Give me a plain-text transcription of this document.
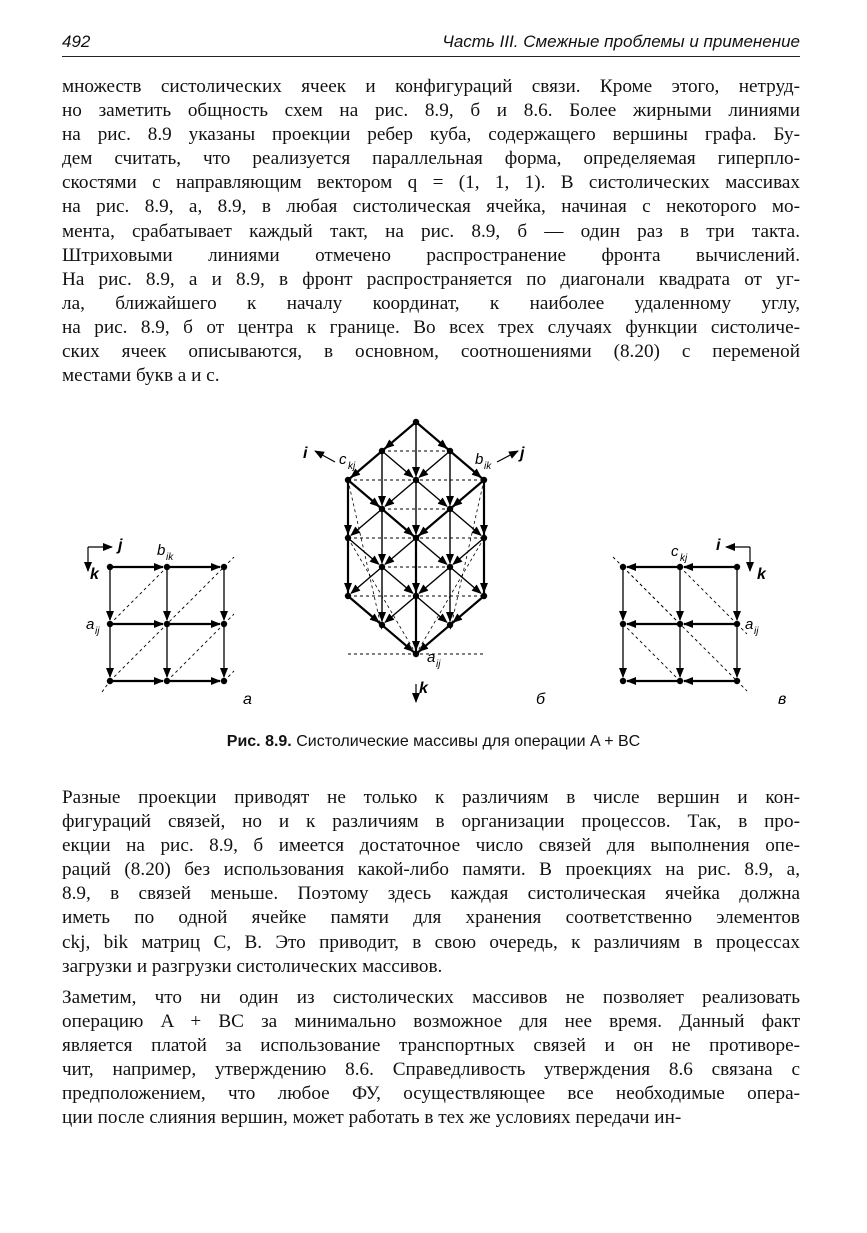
492	Часть III. Смежные проблемы и применение
множеств систолических ячеек и конфигураций связи. Кроме этого, нетруд-
но заметить общность схем на рис. 8.9, б и 8.6. Более жирными линиями
на рис. 8.9 указаны проекции ребер куба, содержащего вершины графа. Бу-
дем считать, что реализуется параллельная форма, определяемая гиперпло-
скостями с направляющим вектором q = (1, 1, 1). В систолических массивах
на рис. 8.9, а, 8.9, в любая систолическая ячейка, начиная с некоторого мо-
мента, срабатывает каждый такт, на рис. 8.9, б — один раз в три такта.
Штриховыми линиями отмечено распространение фронта вычислений.
На рис. 8.9, а и 8.9, в фронт распространяется по диагонали квадрата от уг-
ла, ближайшего к началу координат, к наиболее удаленному углу,
на рис. 8.9, б от центра к границе. Во всех трех случаях функции систоличе-
ских ячеек описываются, в основном, соотношениями (8.20) с переменой
местами букв а и с.
j
k
b ik
a ij
а
i	j
c kj	b ik
a ij
k
б
c kj
i
k
a ij
в
Рис. 8.9. Систолические массивы для операции A + BC
Разные проекции приводят не только к различиям в числе вершин и кон-
фигураций связей, но и к различиям в организации процессов. Так, в про-
екции на рис. 8.9, б имеется достаточное число связей для выполнения опе-
раций (8.20) без использования какой-либо памяти. В проекциях на рис. 8.9, а,
8.9, в связей меньше. Поэтому здесь каждая систолическая ячейка должна
иметь по одной ячейке памяти для хранения соответственно элементов
ckj, bik матриц C, B. Это приводит, в свою очередь, к различиям в процессах
загрузки и разгрузки систолических массивов.
Заметим, что ни один из систолических массивов не позволяет реализовать
операцию A + BC за минимально возможное для нее время. Данный факт
является платой за использование транспортных связей и он не противоре-
чит, например, утверждению 8.6. Справедливость утверждения 8.6 связана с
предположением, что любое ФУ, осуществляющее все необходимые опера-
ции после слияния вершин, может работать в тех же условиях передачи ин-
